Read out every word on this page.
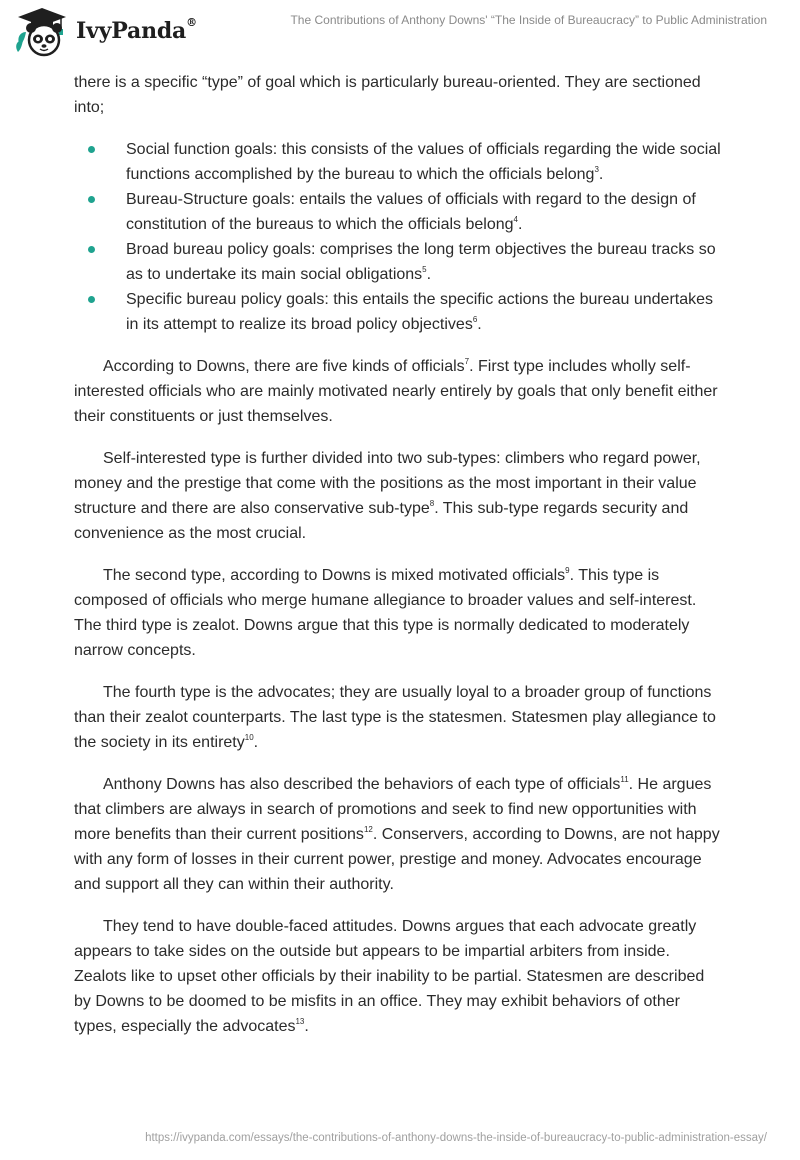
IvyPanda®	The Contributions of Anthony Downs' “The Inside of Bureaucracy” to Public Administration

there is a specific “type” of goal which is particularly bureau-oriented. They are sectioned into;

Social function goals: this consists of the values of officials regarding the wide social functions accomplished by the bureau to which the officials belong$^3$.
Bureau-Structure goals: entails the values of officials with regard to the design of constitution of the bureaus to which the officials belong$^4$.
Broad bureau policy goals: comprises the long term objectives the bureau tracks so as to undertake its main social obligations$^5$.
Specific bureau policy goals: this entails the specific actions the bureau undertakes in its attempt to realize its broad policy objectives$^6$.

According to Downs, there are five kinds of officials$^7$. First type includes wholly self-interested officials who are mainly motivated nearly entirely by goals that only benefit either their constituents or just themselves.

Self-interested type is further divided into two sub-types: climbers who regard power, money and the prestige that come with the positions as the most important in their value structure and there are also conservative sub-type$^8$. This sub-type regards security and convenience as the most crucial.

The second type, according to Downs is mixed motivated officials$^9$. This type is composed of officials who merge humane allegiance to broader values and self-interest. The third type is zealot. Downs argue that this type is normally dedicated to moderately narrow concepts.

The fourth type is the advocates; they are usually loyal to a broader group of functions than their zealot counterparts. The last type is the statesmen. Statesmen play allegiance to the society in its entirety$^{10}$.

Anthony Downs has also described the behaviors of each type of officials$^{11}$. He argues that climbers are always in search of promotions and seek to find new opportunities with more benefits than their current positions$^{12}$. Conservers, according to Downs, are not happy with any form of losses in their current power, prestige and money. Advocates encourage and support all they can within their authority.

They tend to have double-faced attitudes. Downs argues that each advocate greatly appears to take sides on the outside but appears to be impartial arbiters from inside. Zealots like to upset other officials by their inability to be partial. Statesmen are described by Downs to be doomed to be misfits in an office. They may exhibit behaviors of other types, especially the advocates$^{13}$.

https://ivypanda.com/essays/the-contributions-of-anthony-downs-the-inside-of-bureaucracy-to-public-administration-essay/
